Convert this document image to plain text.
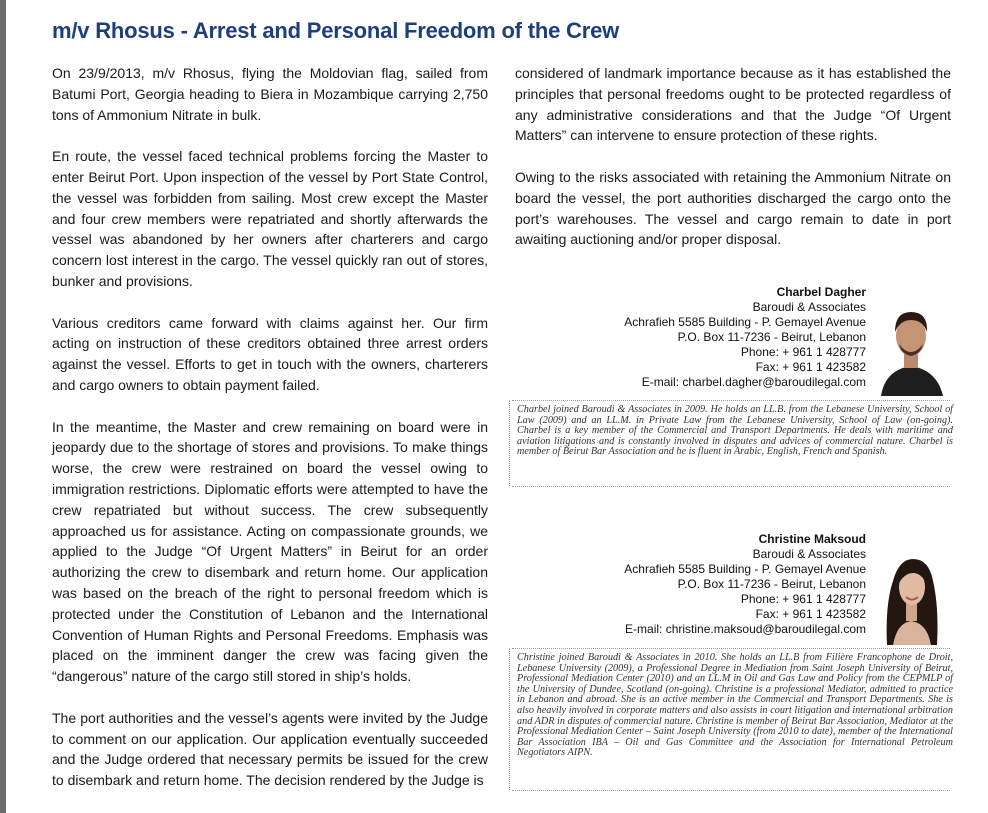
m/v Rhosus - Arrest and Personal Freedom of the Crew

On 23/9/2013, m/v Rhosus, flying the Moldovian flag, sailed from Batumi Port, Georgia heading to Biera in Mozambique carrying 2,750 tons of Ammonium Nitrate in bulk.

En route, the vessel faced technical problems forcing the Master to enter Beirut Port. Upon inspection of the vessel by Port State Control, the vessel was forbidden from sailing. Most crew except the Master and four crew members were repatriated and shortly afterwards the vessel was abandoned by her owners after charterers and cargo concern lost interest in the cargo. The vessel quickly ran out of stores, bunker and provisions.

Various creditors came forward with claims against her. Our firm acting on instruction of these creditors obtained three arrest orders against the vessel. Efforts to get in touch with the owners, charterers and cargo owners to obtain payment failed.

In the meantime, the Master and crew remaining on board were in jeopardy due to the shortage of stores and provisions. To make things worse, the crew were restrained on board the vessel owing to immigration restrictions. Diplomatic efforts were attempted to have the crew repatriated but without success. The crew subsequently approached us for assistance. Acting on compassionate grounds, we applied to the Judge “Of Urgent Matters” in Beirut for an order authorizing the crew to disembark and return home. Our application was based on the breach of the right to personal freedom which is protected under the Constitution of Lebanon and the International Convention of Human Rights and Personal Freedoms. Emphasis was placed on the imminent danger the crew was facing given the “dangerous” nature of the cargo still stored in ship’s holds.

The port authorities and the vessel’s agents were invited by the Judge to comment on our application. Our application eventually succeeded and the Judge ordered that necessary permits be issued for the crew to disembark and return home. The decision rendered by the Judge is

considered of landmark importance because as it has established the principles that personal freedoms ought to be protected regardless of any administrative considerations and that the Judge “Of Urgent Matters” can intervene to ensure protection of these rights.

Owing to the risks associated with retaining the Ammonium Nitrate on board the vessel, the port authorities discharged the cargo onto the port’s warehouses. The vessel and cargo remain to date in port awaiting auctioning and/or proper disposal.

Charbel Dagher
Baroudi & Associates
Achrafieh 5585 Building - P. Gemayel Avenue
P.O. Box 11-7236 - Beirut, Lebanon
Phone: + 961 1 428777
Fax: + 961 1 423582
E-mail: charbel.dagher@baroudilegal.com
Charbel joined Baroudi & Associates in 2009. He holds an LL.B. from the Lebanese University, School of Law (2009) and an LL.M. in Private Law from the Lebanese University, School of Law (on-going). Charbel is a key member of the Commercial and Transport Departments. He deals with maritime and aviation litigations and is constantly involved in disputes and advices of commercial nature. Charbel is member of Beirut Bar Association and he is fluent in Arabic, English, French and Spanish.
Christine Maksoud
Baroudi & Associates
Achrafieh 5585 Building - P. Gemayel Avenue
P.O. Box 11-7236 - Beirut, Lebanon
Phone: + 961 1 428777
Fax: + 961 1 423582
E-mail: christine.maksoud@baroudilegal.com
Christine joined Baroudi & Associates in 2010. She holds an LL.B from Filière Francophone de Droit, Lebanese University (2009), a Professional Degree in Mediation from Saint Joseph University of Beirut, Professional Mediation Center (2010) and an LL.M in Oil and Gas Law and Policy from the CEPMLP of the University of Dundee, Scotland (on-going). Christine is a professional Mediator, admitted to practice in Lebanon and abroad. She is an active member in the Commercial and Transport Departments. She is also heavily involved in corporate matters and also assists in court litigation and international arbitration and ADR in disputes of commercial nature. Christine is member of Beirut Bar Association, Mediator at the Professional Mediation Center – Saint Joseph University (from 2010 to date), member of the International Bar Association IBA – Oil and Gas Committee and the Association for International Petroleum Negotiators AIPN.
